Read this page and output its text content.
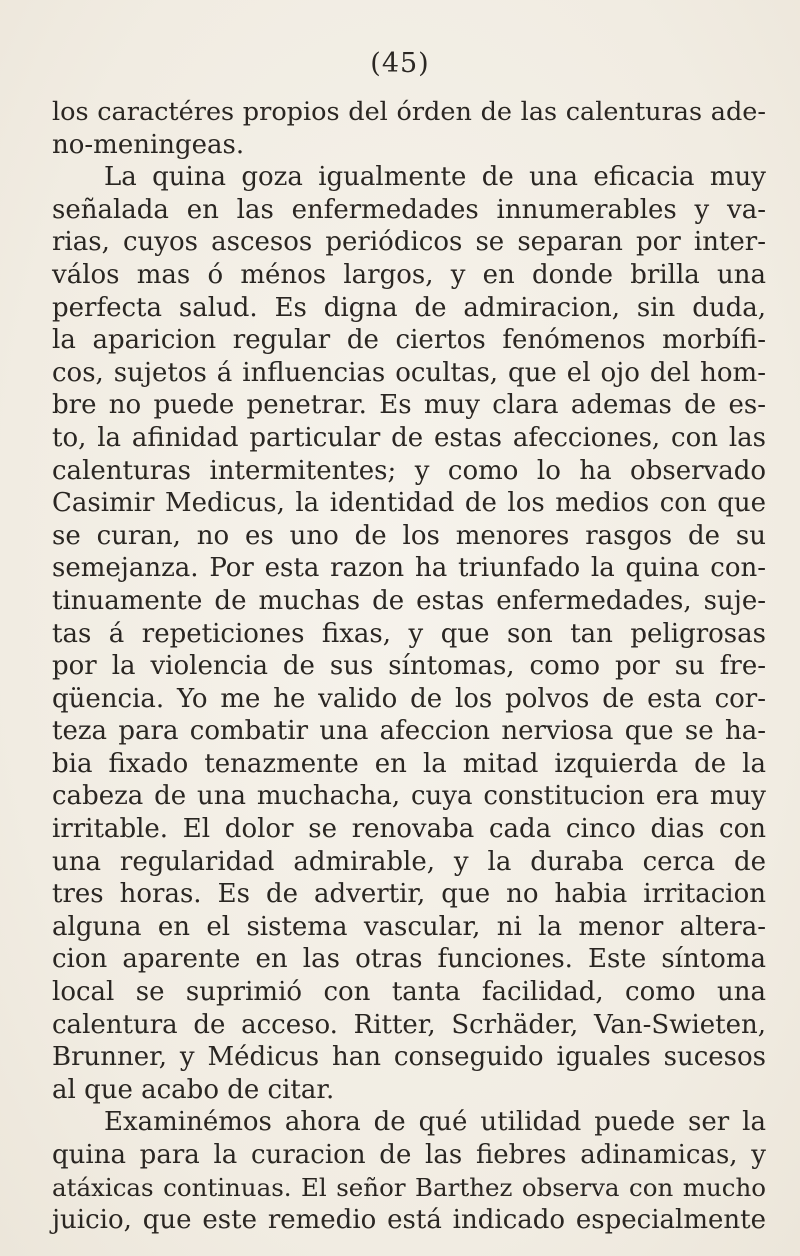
(45)
los caractéres propios del órden de las calenturas ade-
no-meningeas.
La quina goza igualmente de una eficacia muy
señalada en las enfermedades innumerables y va-
rias, cuyos ascesos periódicos se separan por inter-
válos mas ó ménos largos, y en donde brilla una
perfecta salud. Es digna de admiracion, sin duda,
la aparicion regular de ciertos fenómenos morbífi-
cos, sujetos á influencias ocultas, que el ojo del hom-
bre no puede penetrar. Es muy clara ademas de es-
to, la afinidad particular de estas afecciones, con las
calenturas intermitentes; y como lo ha observado
Casimir Medicus, la identidad de los medios con que
se curan, no es uno de los menores rasgos de su
semejanza. Por esta razon ha triunfado la quina con-
tinuamente de muchas de estas enfermedades, suje-
tas á repeticiones fixas, y que son tan peligrosas
por la violencia de sus síntomas, como por su fre-
qüencia. Yo me he valido de los polvos de esta cor-
teza para combatir una afeccion nerviosa que se ha-
bia fixado tenazmente en la mitad izquierda de la
cabeza de una muchacha, cuya constitucion era muy
irritable. El dolor se renovaba cada cinco dias con
una regularidad admirable, y la duraba cerca de
tres horas. Es de advertir, que no habia irritacion
alguna en el sistema vascular, ni la menor altera-
cion aparente en las otras funciones. Este síntoma
local se suprimió con tanta facilidad, como una
calentura de acceso. Ritter, Scrhäder, Van-Swieten,
Brunner, y Médicus han conseguido iguales sucesos
al que acabo de citar.
Examinémos ahora de qué utilidad puede ser la
quina para la curacion de las fiebres adinamicas, y
atáxicas continuas. El señor Barthez observa con mucho
juicio, que este remedio está indicado especialmente
